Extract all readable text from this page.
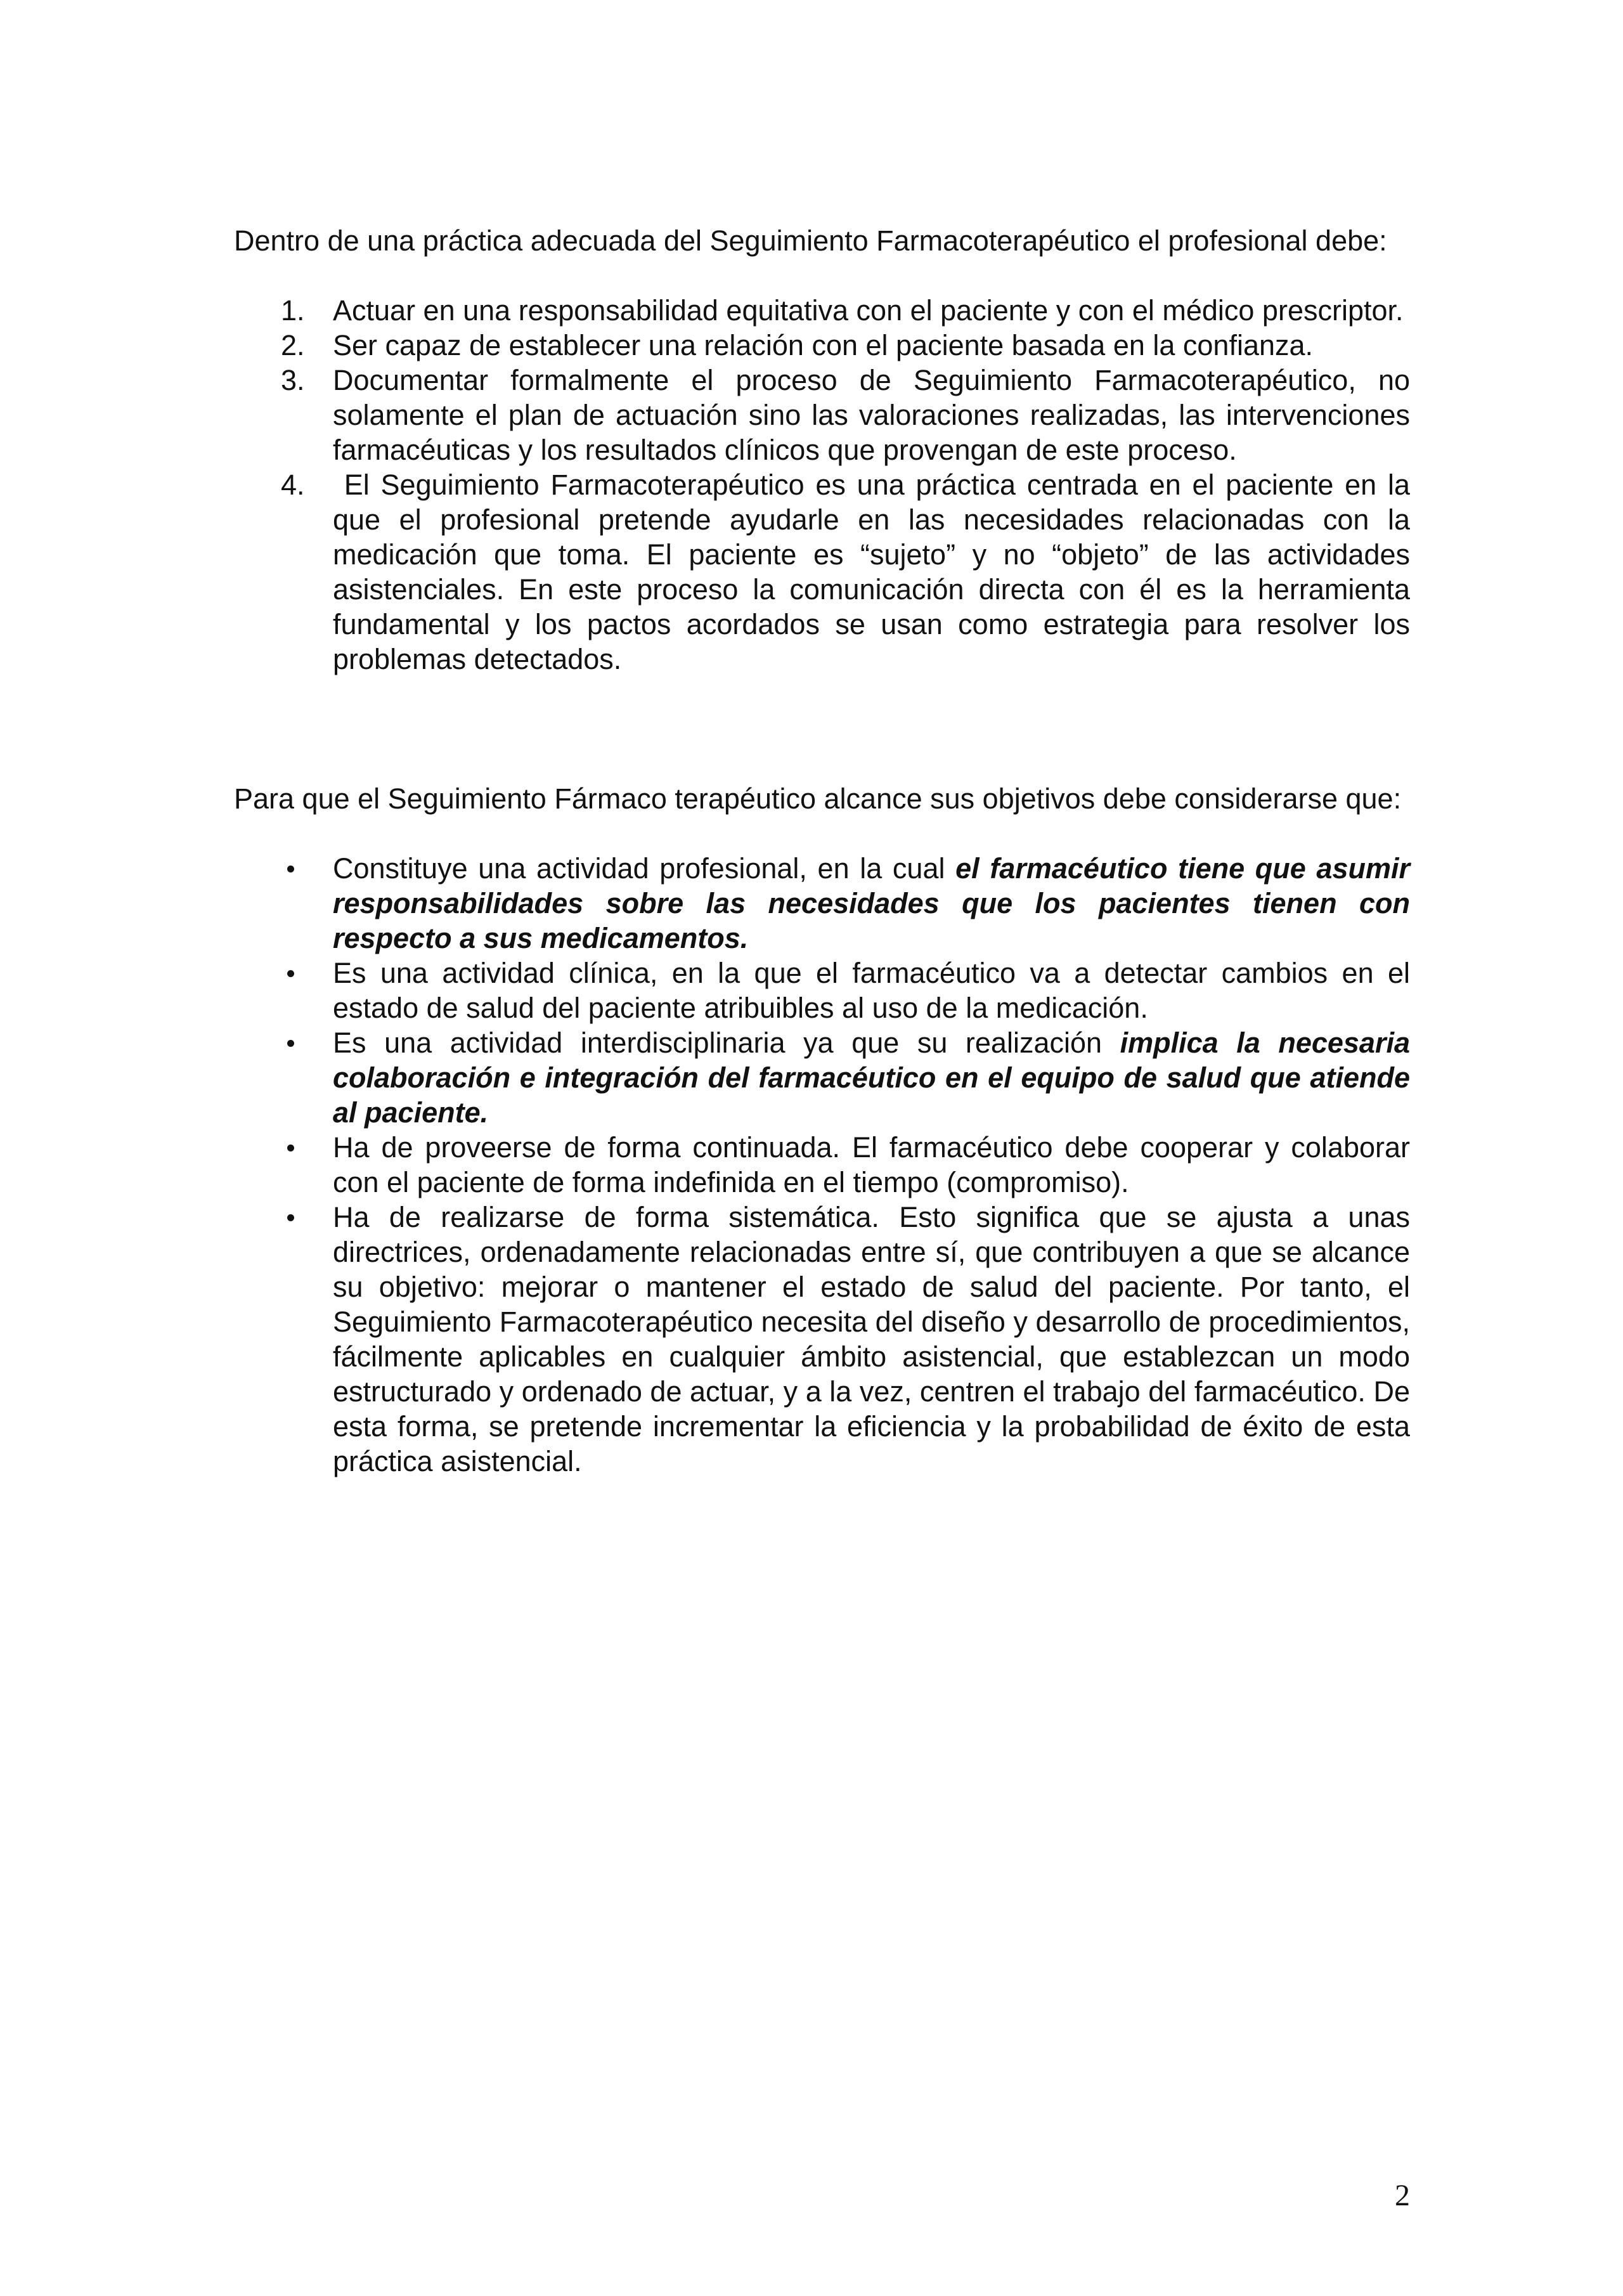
Dentro de una práctica adecuada del Seguimiento Farmacoterapéutico el profesional debe:

1. Actuar en una responsabilidad equitativa con el paciente y con el médico prescriptor.
2. Ser capaz de establecer una relación con el paciente basada en la confianza.
3. Documentar formalmente el proceso de Seguimiento Farmacoterapéutico, no solamente el plan de actuación sino las valoraciones realizadas, las intervenciones farmacéuticas y los resultados clínicos que provengan de este proceso.
4. El Seguimiento Farmacoterapéutico es una práctica centrada en el paciente en la que el profesional pretende ayudarle en las necesidades relacionadas con la medicación que toma. El paciente es “sujeto” y no “objeto” de las actividades asistenciales. En este proceso la comunicación directa con él es la herramienta fundamental y los pactos acordados se usan como estrategia para resolver los problemas detectados.

Para que el Seguimiento Fármaco terapéutico alcance sus objetivos debe considerarse que:

Constituye una actividad profesional, en la cual el farmacéutico tiene que asumir responsabilidades sobre las necesidades que los pacientes tienen con respecto a sus medicamentos.
Es una actividad clínica, en la que el farmacéutico va a detectar cambios en el estado de salud del paciente atribuibles al uso de la medicación.
Es una actividad interdisciplinaria ya que su realización implica la necesaria colaboración e integración del farmacéutico en el equipo de salud que atiende al paciente.
Ha de proveerse de forma continuada. El farmacéutico debe cooperar y colaborar con el paciente de forma indefinida en el tiempo (compromiso).
Ha de realizarse de forma sistemática. Esto significa que se ajusta a unas directrices, ordenadamente relacionadas entre sí, que contribuyen a que se alcance su objetivo: mejorar o mantener el estado de salud del paciente. Por tanto, el Seguimiento Farmacoterapéutico necesita del diseño y desarrollo de procedimientos, fácilmente aplicables en cualquier ámbito asistencial, que establezcan un modo estructurado y ordenado de actuar, y a la vez, centren el trabajo del farmacéutico. De esta forma, se pretende incrementar la eficiencia y la probabilidad de éxito de esta práctica asistencial.
2
